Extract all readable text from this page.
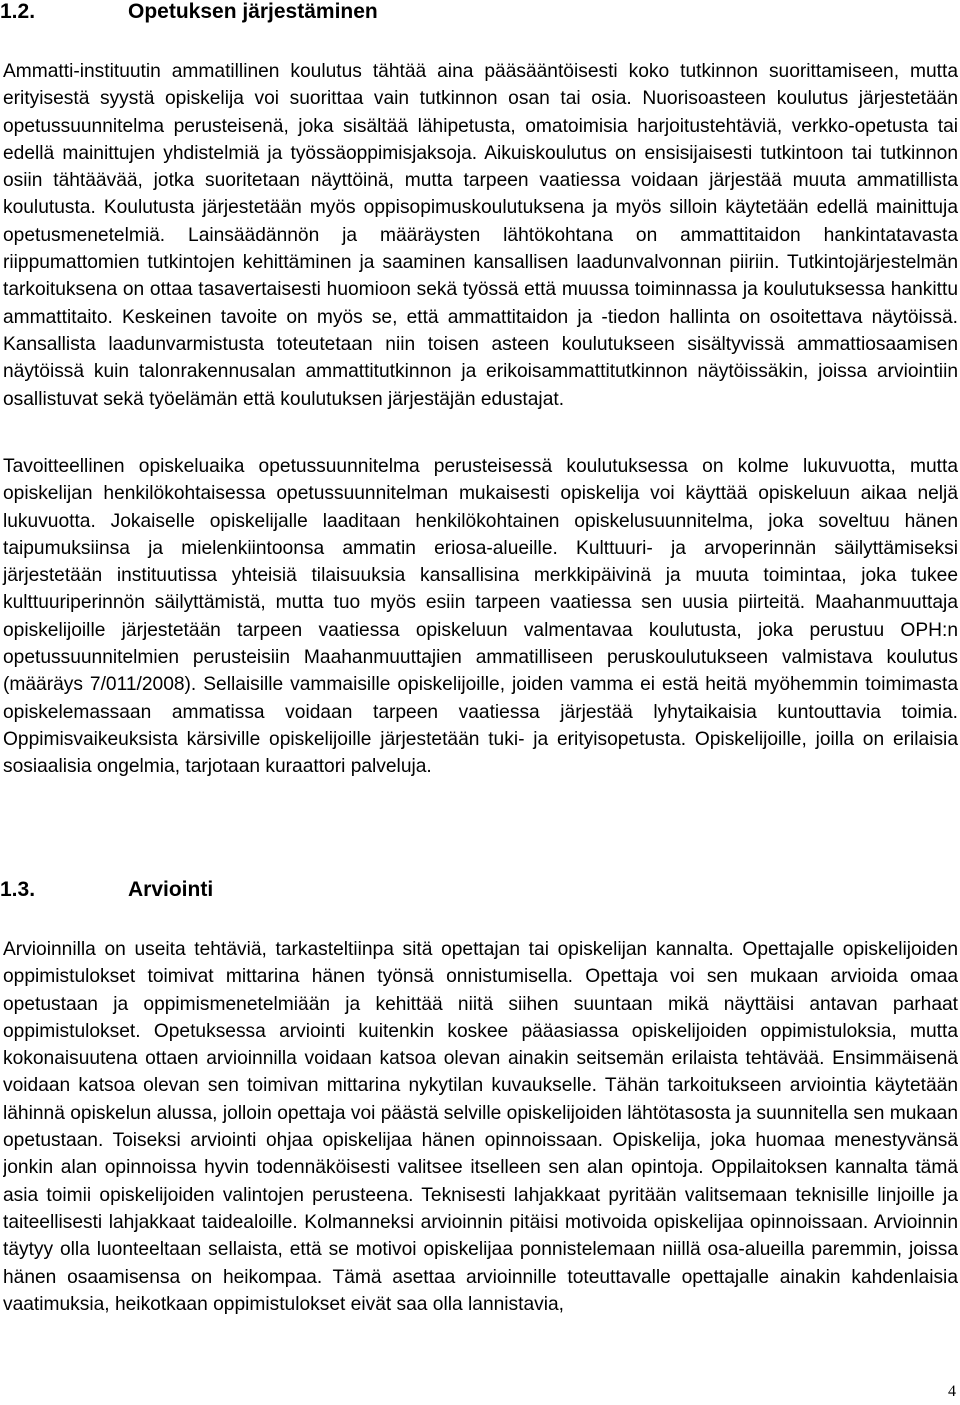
1.2.	Opetuksen järjestäminen

Ammatti-instituutin ammatillinen koulutus tähtää aina pääsääntöisesti koko tutkinnon suorittamiseen, mutta erityisestä syystä opiskelija voi suorittaa vain tutkinnon osan tai osia. Nuorisoasteen koulutus järjestetään opetussuunnitelma perusteisenä, joka sisältää lähipetusta, omatoimisia harjoitustehtäviä, verkko-opetusta tai edellä mainittujen yhdistelmiä ja työssäoppimisjaksoja. Aikuiskoulutus on ensisijaisesti tutkintoon tai tutkinnon osiin tähtäävää, jotka suoritetaan näyttöinä, mutta tarpeen vaatiessa voidaan järjestää muuta ammatillista koulutusta. Koulutusta järjestetään myös oppisopimuskoulutuksena ja myös silloin käytetään edellä mainittuja opetusmenetelmiä. Lainsäädännön ja määräysten lähtökohtana on ammattitaidon hankintatavasta riippumattomien tutkintojen kehittäminen ja saaminen kansallisen laadunvalvonnan piiriin. Tutkintojärjestelmän tarkoituksena on ottaa tasavertaisesti huomioon sekä työssä että muussa toiminnassa ja koulutuksessa hankittu ammattitaito. Keskeinen tavoite on myös se, että ammattitaidon ja -tiedon hallinta on osoitettava näytöissä. Kansallista laadunvarmistusta toteutetaan niin toisen asteen koulutukseen sisältyvissä ammattiosaamisen näytöissä kuin talonrakennusalan ammattitutkinnon ja erikoisammattitutkinnon näytöissäkin, joissa arviointiin osallistuvat sekä työelämän että koulutuksen järjestäjän edustajat.

Tavoitteellinen opiskeluaika opetussuunnitelma perusteisessä koulutuksessa on kolme lukuvuotta, mutta opiskelijan henkilökohtaisessa opetussuunnitelman mukaisesti opiskelija voi käyttää opiskeluun aikaa neljä lukuvuotta. Jokaiselle opiskelijalle laaditaan henkilökohtainen opiskelusuunnitelma, joka soveltuu hänen taipumuksiinsa ja mielenkiintoonsa ammatin eriosa-alueille. Kulttuuri- ja arvoperinnän säilyttämiseksi järjestetään instituutissa yhteisiä tilaisuuksia kansallisina merkkipäivinä ja muuta toimintaa, joka tukee kulttuuriperinnön säilyttämistä, mutta tuo myös esiin tarpeen vaatiessa sen uusia piirteitä. Maahanmuuttaja opiskelijoille järjestetään tarpeen vaatiessa opiskeluun valmentavaa koulutusta, joka perustuu OPH:n opetussuunnitelmien perusteisiin Maahanmuuttajien ammatilliseen peruskoulutukseen valmistava koulutus (määräys 7/011/2008). Sellaisille vammaisille opiskelijoille, joiden vamma ei estä heitä myöhemmin toimimasta opiskelemassaan ammatissa voidaan tarpeen vaatiessa järjestää lyhytaikaisia kuntouttavia toimia. Oppimisvaikeuksista kärsiville opiskelijoille järjestetään tuki- ja erityisopetusta. Opiskelijoille, joilla on erilaisia sosiaalisia ongelmia, tarjotaan kuraattori palveluja.

1.3.	Arviointi

Arvioinnilla on useita tehtäviä, tarkasteltiinpa sitä opettajan tai opiskelijan kannalta. Opettajalle opiskelijoiden oppimistulokset toimivat mittarina hänen työnsä onnistumisella. Opettaja voi sen mukaan arvioida omaa opetustaan ja oppimismenetelmiään ja kehittää niitä siihen suuntaan mikä näyttäisi antavan parhaat oppimistulokset. Opetuksessa arviointi kuitenkin koskee pääasiassa opiskelijoiden oppimistuloksia, mutta kokonaisuutena ottaen arvioinnilla voidaan katsoa olevan ainakin seitsemän erilaista tehtävää. Ensimmäisenä voidaan katsoa olevan sen toimivan mittarina nykytilan kuvaukselle. Tähän tarkoitukseen arviointia käytetään lähinnä opiskelun alussa, jolloin opettaja voi päästä selville opiskelijoiden lähtötasosta ja suunnitella sen mukaan opetustaan. Toiseksi arviointi ohjaa opiskelijaa hänen opinnoissaan. Opiskelija, joka huomaa menestyvänsä jonkin alan opinnoissa hyvin todennäköisesti valitsee itselleen sen alan opintoja. Oppilaitoksen kannalta tämä asia toimii opiskelijoiden valintojen perusteena. Teknisesti lahjakkaat pyritään valitsemaan teknisille linjoille ja taiteellisesti lahjakkaat taidealoille. Kolmanneksi arvioinnin pitäisi motivoida opiskelijaa opinnoissaan. Arvioinnin täytyy olla luonteeltaan sellaista, että se motivoi opiskelijaa ponnistelemaan niillä osa-alueilla paremmin, joissa hänen osaamisensa on heikompaa. Tämä asettaa arvioinnille toteuttavalle opettajalle ainakin kahdenlaisia vaatimuksia, heikotkaan oppimistulokset eivät saa olla lannistavia,

4
